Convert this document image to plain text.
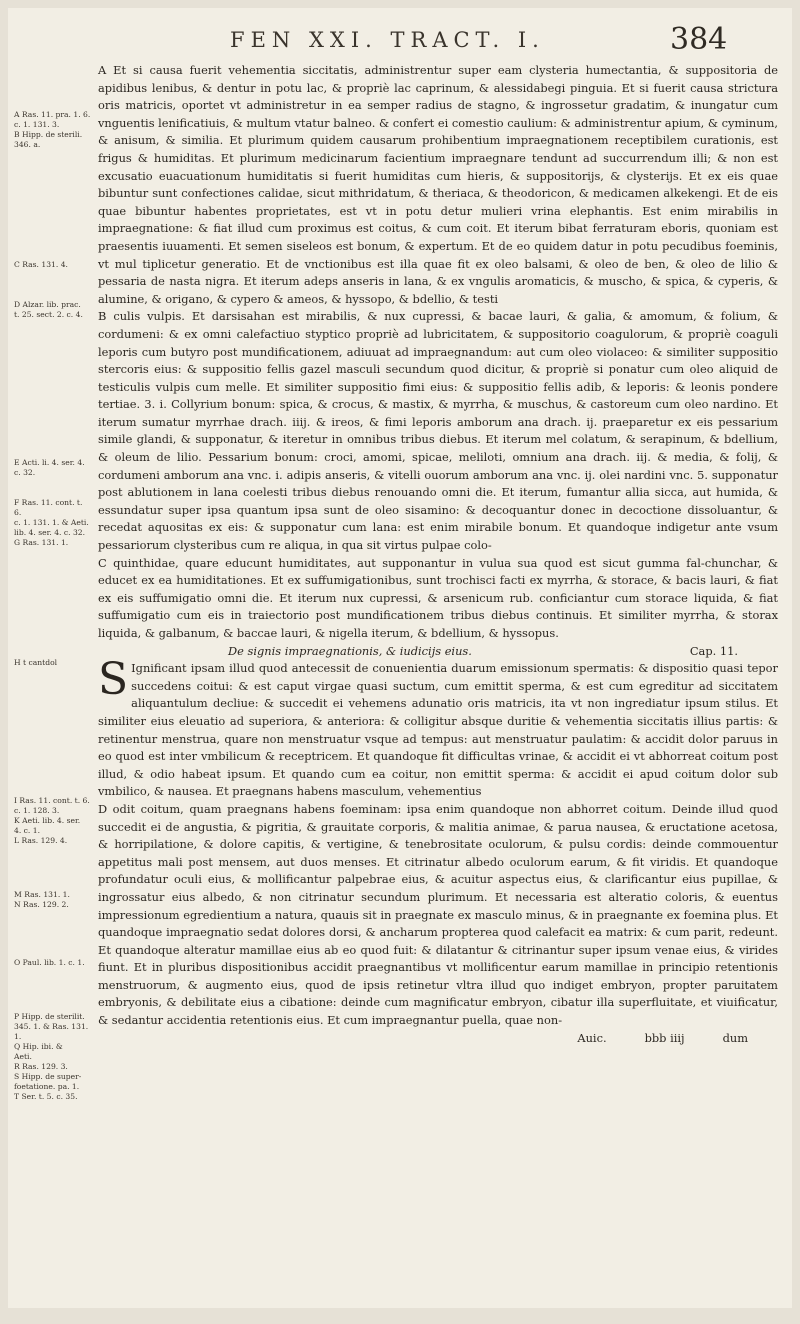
FEN XXI. TRACT. I.	384
A Ras. 11. pra. 1. 6.
c. 1. 131. 3.
B Hipp. de sterili.
346. a.
C Ras. 131. 4.
D Alzar. lib. prac.
t. 25. sect. 2. c. 4.
E Acti. li. 4. ser. 4.
c. 32.
F Ras. 11. cont. t. 6.
c. 1. 131. 1. & Aeti.
lib. 4. ser. 4. c. 32.
G Ras. 131. 1.
H t cantdol
I Ras. 11. cont. t. 6.
c. 1. 128. 3.
K Aeti. lib. 4. ser.
4. c. 1.
L Ras. 129. 4.
M Ras. 131. 1.
N Ras. 129. 2.
O Paul. lib. 1. c. 1.
P Hipp. de sterilit.
345. 1. & Ras. 131. 1.
Q Hip. ibi. &
Aeti.
R Ras. 129. 3.
S Hipp. de super-
foetatione. pa. 1.
T Ser. t. 5. c. 35.

A Et si causa fuerit vehementia siccitatis, administrentur super eam clysteria humectantia, & suppositoria de apidibus lenibus, & dentur in potu lac, & propriè lac caprinum, & alessidabegi pinguia. Et si fuerit causa strictura oris matricis, oportet vt administretur in ea semper radius de stagno, & ingrossetur gradatim, & inungatur cum vnguentis lenificatiuis, & multum vtatur balneo. & confert ei comestio caulium: & administrentur apium, & cyminum, & anisum, & similia. Et plurimum quidem causarum prohibentium impraegnationem receptibilem curationis, est frigus & humiditas. Et plurimum medicinarum facientium impraegnare tendunt ad succurrendum illi; & non est excusatio euacuationum humiditatis si fuerit humiditas cum hieris, & suppositorijs, & clysterijs. Et ex eis quae bibuntur sunt confectiones calidae, sicut mithridatum, & theriaca, & theodoricon, & medicamen alkekengi. Et de eis quae bibuntur habentes proprietates, est vt in potu detur mulieri vrina elephantis. Est enim mirabilis in impraegnatione: & fiat illud cum proximus est coitus, & cum coit. Et iterum bibat ferraturam eboris, quoniam est praesentis iuuamenti. Et semen siseleos est bonum, & expertum. Et de eo quidem datur in potu pecudibus foeminis, vt mul tiplicetur generatio. Et de vnctionibus est illa quae fit ex oleo balsami, & oleo de ben, & oleo de lilio & pessaria de nasta nigra. Et iterum adeps anseris in lana, & ex vngulis aromaticis, & muscho, & spica, & cyperis, & alumine, & origano, & cypero & ameos, & hyssopo, & bdellio, & testi

B culis vulpis. Et darsisahan est mirabilis, & nux cupressi, & bacae lauri, & galia, & amomum, & folium, & cordumeni: & ex omni calefactiuo styptico propriè ad lubricitatem, & suppositorio coagulorum, & propriè coaguli leporis cum butyro post mundificationem, adiuuat ad impraegnandum: aut cum oleo violaceo: & similiter suppositio stercoris eius: & suppositio fellis gazel masculi secundum quod dicitur, & propriè si ponatur cum oleo aliquid de testiculis vulpis cum melle. Et similiter suppositio fimi eius: & suppositio fellis adib, & leporis: & leonis pondere tertiae. 3. i. Collyrium bonum: spica, & crocus, & mastix, & myrrha, & muschus, & castoreum cum oleo nardino. Et iterum sumatur myrrhae drach. iiij. & ireos, & fimi leporis amborum ana drach. ij. praeparetur ex eis pessarium simile glandi, & supponatur, & iteretur in omnibus tribus diebus. Et iterum mel colatum, & serapinum, & bdellium, & oleum de lilio. Pessarium bonum: croci, amomi, spicae, meliloti, omnium ana drach. iij. & media, & folij, & cordumeni amborum ana vnc. i. adipis anseris, & vitelli ouorum amborum ana vnc. ij. olei nardini vnc. 5. supponatur post ablutionem in lana coelesti tribus diebus renouando omni die. Et iterum, fumantur allia sicca, aut humida, & essundatur super ipsa quantum ipsa sunt de oleo sisamino: & decoquantur donec in decoctione dissoluantur, & recedat aquositas ex eis: & supponatur cum lana: est enim mirabile bonum. Et quandoque indigetur ante vsum pessariorum clysteribus cum re aliqua, in qua sit virtus pulpae colo-

C quinthidae, quare educunt humiditates, aut supponantur in vulua sua quod est sicut gumma fal-chunchar, & educet ex ea humiditationes. Et ex suffumigationibus, sunt trochisci facti ex myrrha, & storace, & bacis lauri, & fiat ex eis suffumigatio omni die. Et iterum nux cupressi, & arsenicum rub. conficiantur cum storace liquida, & fiat suffumigatio cum eis in traiectorio post mundificationem tribus diebus continuis. Et similiter myrrha, & storax liquida, & galbanum, & baccae lauri, & nigella iterum, & bdellium, & hyssopus.

De signis impraegnationis, & iudicijs eius.	Cap. 11.

S Ignificant ipsam illud quod antecessit de conuenientia duarum emissionum spermatis: & dispositio quasi tepor succedens coitui: & est caput virgae quasi suctum, cum emittit sperma, & est cum egreditur ad siccitatem aliquantulum decliue: & succedit ei vehemens adunatio oris matricis, ita vt non ingrediatur ipsum stilus. Et similiter eius eleuatio ad superiora, & anteriora: & colligitur absque duritie & vehementia siccitatis illius partis: & retinentur menstrua, quare non menstruatur vsque ad tempus: aut menstruatur paulatim: & accidit dolor paruus in eo quod est inter vmbilicum & receptricem. Et quandoque fit difficultas vrinae, & accidit ei vt abhorreat coitum post illud, & odio habeat ipsum. Et quando cum ea coitur, non emittit sperma: & accidit ei apud coitum dolor sub vmbilico, & nausea. Et praegnans habens masculum, vehementius

D odit coitum, quam praegnans habens foeminam: ipsa enim quandoque non abhorret coitum. Deinde illud quod succedit ei de angustia, & pigritia, & grauitate corporis, & malitia animae, & parua nausea, & eructatione acetosa, & horripilatione, & dolore capitis, & vertigine, & tenebrositate oculorum, & pulsu cordis: deinde commouentur appetitus mali post mensem, aut duos menses. Et citrinatur albedo oculorum earum, & fit viridis. Et quandoque profundatur oculi eius, & mollificantur palpebrae eius, & acuitur aspectus eius, & clarificantur eius pupillae, & ingrossatur eius albedo, & non citrinatur secundum plurimum. Et necessaria est alteratio coloris, & euentus impressionum egredientium a natura, quauis sit in praegnate ex masculo minus, & in praegnante ex foemina plus. Et quandoque impraegnatio sedat dolores dorsi, & ancharum propterea quod calefacit ea matrix: & cum parit, redeunt. Et quandoque alteratur mamillae eius ab eo quod fuit: & dilatantur & citrinantur super ipsum venae eius, & virides fiunt. Et in pluribus dispositionibus accidit praegnantibus vt mollificentur earum mamillae in principio retentionis menstruorum, & augmento eius, quod de ipsis retinetur vltra illud quo indiget embryon, propter paruitatem embryonis, & debilitate eius a cibatione: deinde cum magnificatur embryon, cibatur illa superfluitate, et viuificatur, & sedantur accidentia retentionis eius. Et cum impraegnantur puella, quae non-

Auic.	bbb iiij	dum
